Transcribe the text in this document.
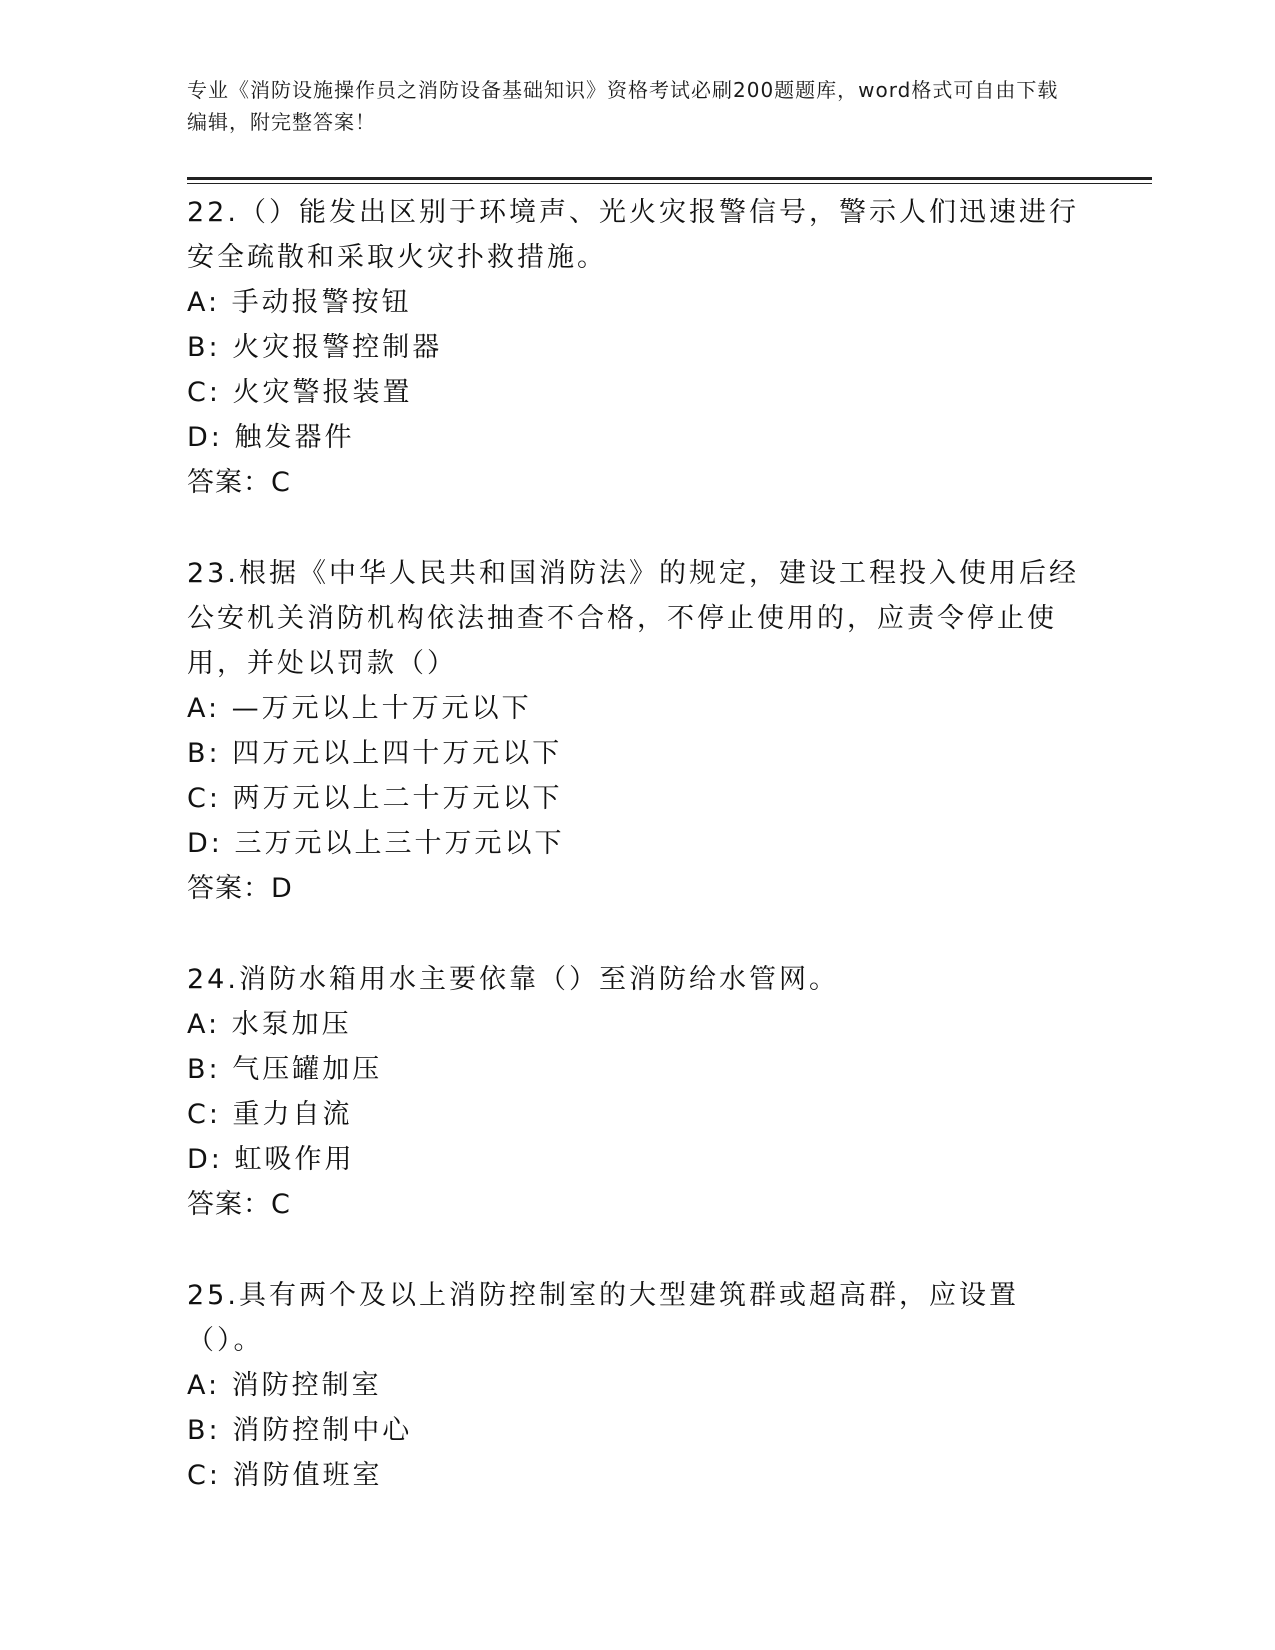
专业《消防设施操作员之消防设备基础知识》资格考试必刷200题题库，word格式可自由下载编辑，附完整答案！

22.（）能发出区别于环境声、光火灾报警信号，警示人们迅速进行安全疏散和采取火灾扑救措施。

A: 手动报警按钮

B: 火灾报警控制器

C: 火灾警报装置

D: 触发器件

答案：C

23.根据《中华人民共和国消防法》的规定，建设工程投入使用后经公安机关消防机构依法抽查不合格，不停止使用的，应责令停止使用，并处以罚款（）

A: —万元以上十万元以下

B: 四万元以上四十万元以下

C: 两万元以上二十万元以下

D: 三万元以上三十万元以下

答案：D

24.消防水箱用水主要依靠（）至消防给水管网。

A: 水泵加压

B: 气压罐加压

C: 重力自流

D: 虹吸作用

答案：C

25.具有两个及以上消防控制室的大型建筑群或超高群，应设置（）。

A: 消防控制室

B: 消防控制中心

C: 消防值班室
